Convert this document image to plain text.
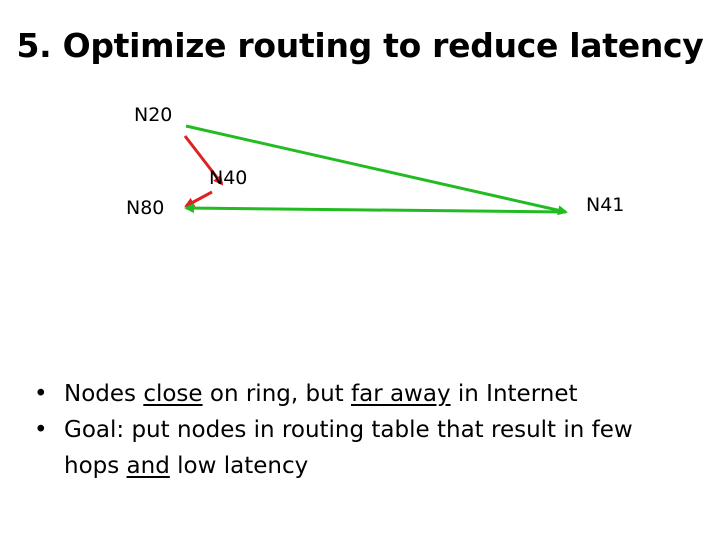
5. Optimize routing to reduce latency
N20
N40
N80	N41
• Nodes close on ring, but far away in Internet
• Goal: put nodes in routing table that result in few hops and low latency
